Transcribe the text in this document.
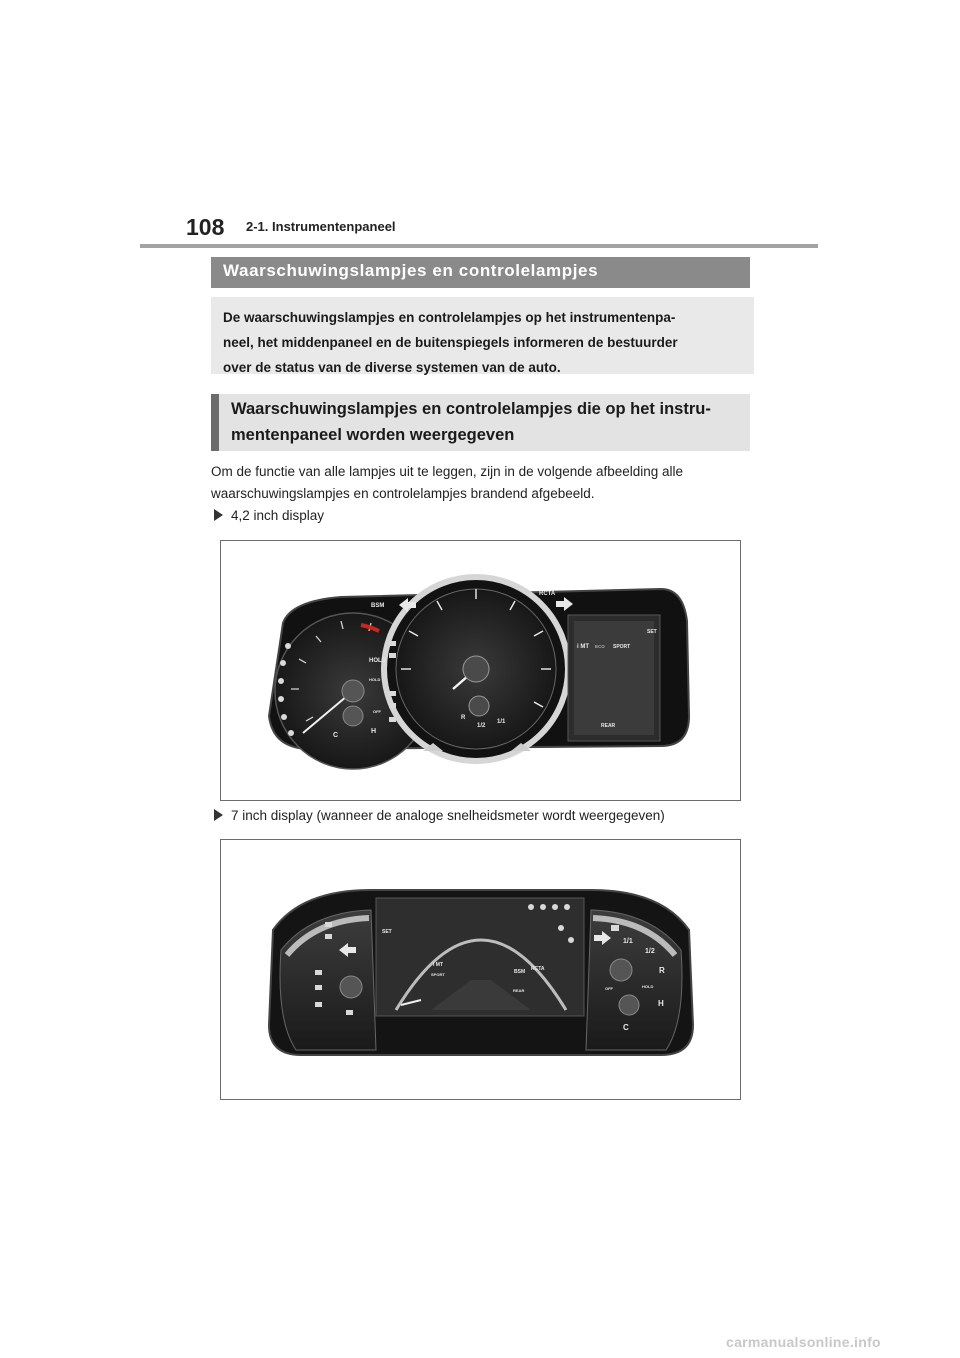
108 2-1. Instrumentenpaneel
Waarschuwingslampjes en controlelampjes
De waarschuwingslampjes en controlelampjes op het instrumentenpa-
neel, het middenpaneel en de buitenspiegels informeren de bestuurder
over de status van de diverse systemen van de auto.
Waarschuwingslampjes en controlelampjes die op het instru-
mentenpaneel worden weergegeven
Om de functie van alle lampjes uit te leggen, zijn in de volgende afbeelding alle
waarschuwingslampjes en controlelampjes brandend afgebeeld.
4,2 inch display
BSM
RCTA
HOLD
HOLD
i MT ECO SPORT
SET
REAR
OFF
1/2
1/1
R
H
C
7 inch display (wanneer de analoge snelheidsmeter wordt weergegeven)
SET
i MT
SPORT	BSM RCTA
REAR
HOLD
OFF
1/1
1/2
R
H
C
carmanualsonline.info
